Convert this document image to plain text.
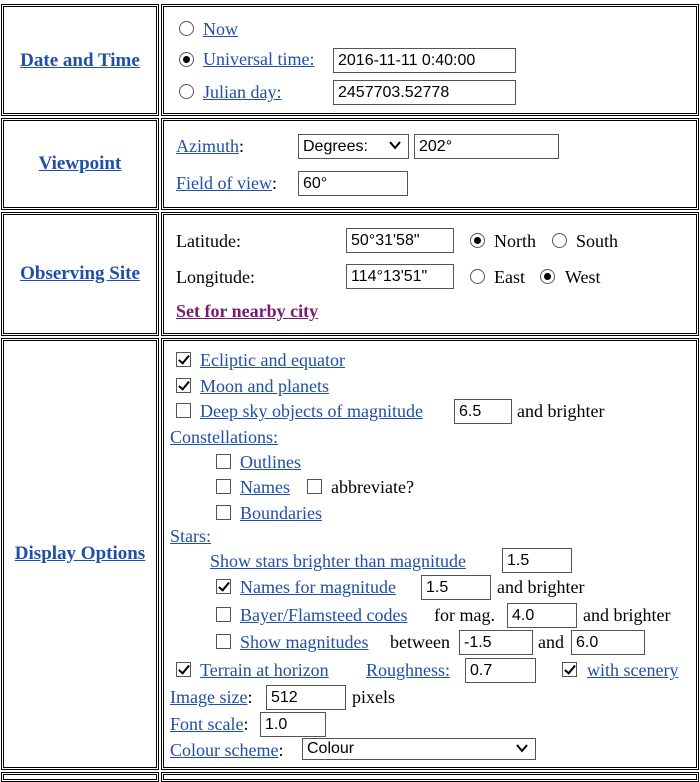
Date and Time
Now
Universal time:	2016-11-11 0:40:00
Julian day:	2457703.52778
Viewpoint
Azimuth:	Degrees:	202°
Field of view:	60°
Observing Site
Latitude:	50°31'58"	North South
Longitude:	114°13'51"	East West
Set for nearby city
Display Options
Ecliptic and equator
Moon and planets
Deep sky objects of magnitude	6.5	and brighter
Constellations:
Outlines
Names abbreviate?
Boundaries
Stars:
Show stars brighter than magnitude	1.5
Names for magnitude	1.5	and brighter
Bayer/Flamsteed codes for mag.	4.0	and brighter
Show magnitudes between -1.5	and 6.0
Terrain at horizon Roughness:	0.7	with scenery
Image size:	512	pixels
Font scale:	1.0
Colour scheme:	Colour
